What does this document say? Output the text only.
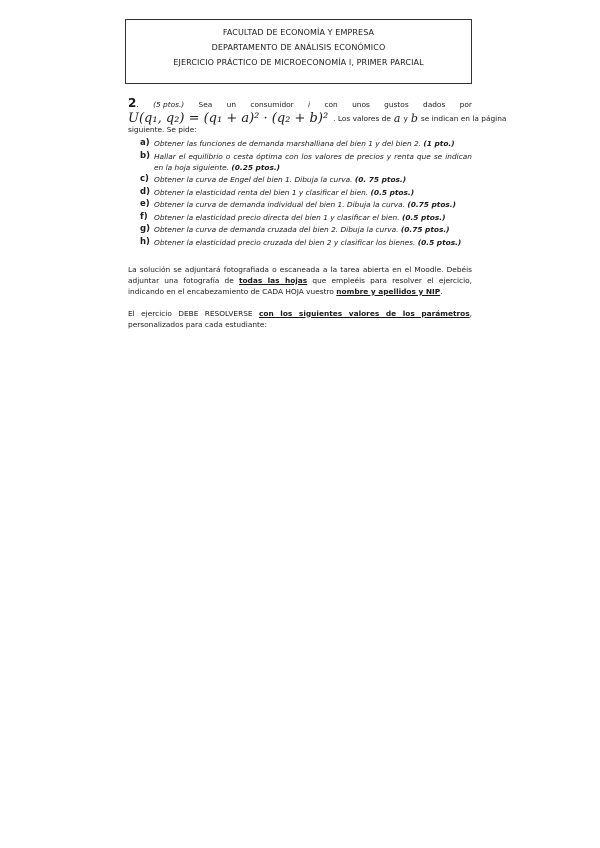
FACULTAD DE ECONOMÍA Y EMPRESA
DEPARTAMENTO DE ANÁLISIS ECONÓMICO
EJERCICIO PRÁCTICO DE MICROECONOMÍA I, PRIMER PARCIAL
2. (5 ptos.) Sea un consumidor i con unos gustos dados por
U(q₁, q₂) = (q₁ + a)² · (q₂ + b)² . Los valores de a y b se indican en la página
siguiente. Se pide:
a) Obtener las funciones de demanda marshalliana del bien 1 y del bien 2. (1 pto.)
b) Hallar el equilibrio o cesta óptima con los valores de precios y renta que se indican en la hoja siguiente. (0.25 ptos.)
c) Obtener la curva de Engel del bien 1. Dibuja la curva. (0. 75 ptos.)
d) Obtener la elasticidad renta del bien 1 y clasificar el bien. (0.5 ptos.)
e) Obtener la curva de demanda individual del bien 1. Dibuja la curva. (0.75 ptos.)
f) Obtener la elasticidad precio directa del bien 1 y clasificar el bien. (0.5 ptos.)
g) Obtener la curva de demanda cruzada del bien 2. Dibuja la curva. (0.75 ptos.)
h) Obtener la elasticidad precio cruzada del bien 2 y clasificar los bienes. (0.5 ptos.)
La solución se adjuntará fotografiada o escaneada a la tarea abierta en el Moodle. Debéis adjuntar una fotografía de todas las hojas que empleéis para resolver el ejercicio, indicando en el encabezamiento de CADA HOJA vuestro nombre y apellidos y NIP.
El ejercicio DEBE RESOLVERSE con los siguientes valores de los parámetros, personalizados para cada estudiante:
